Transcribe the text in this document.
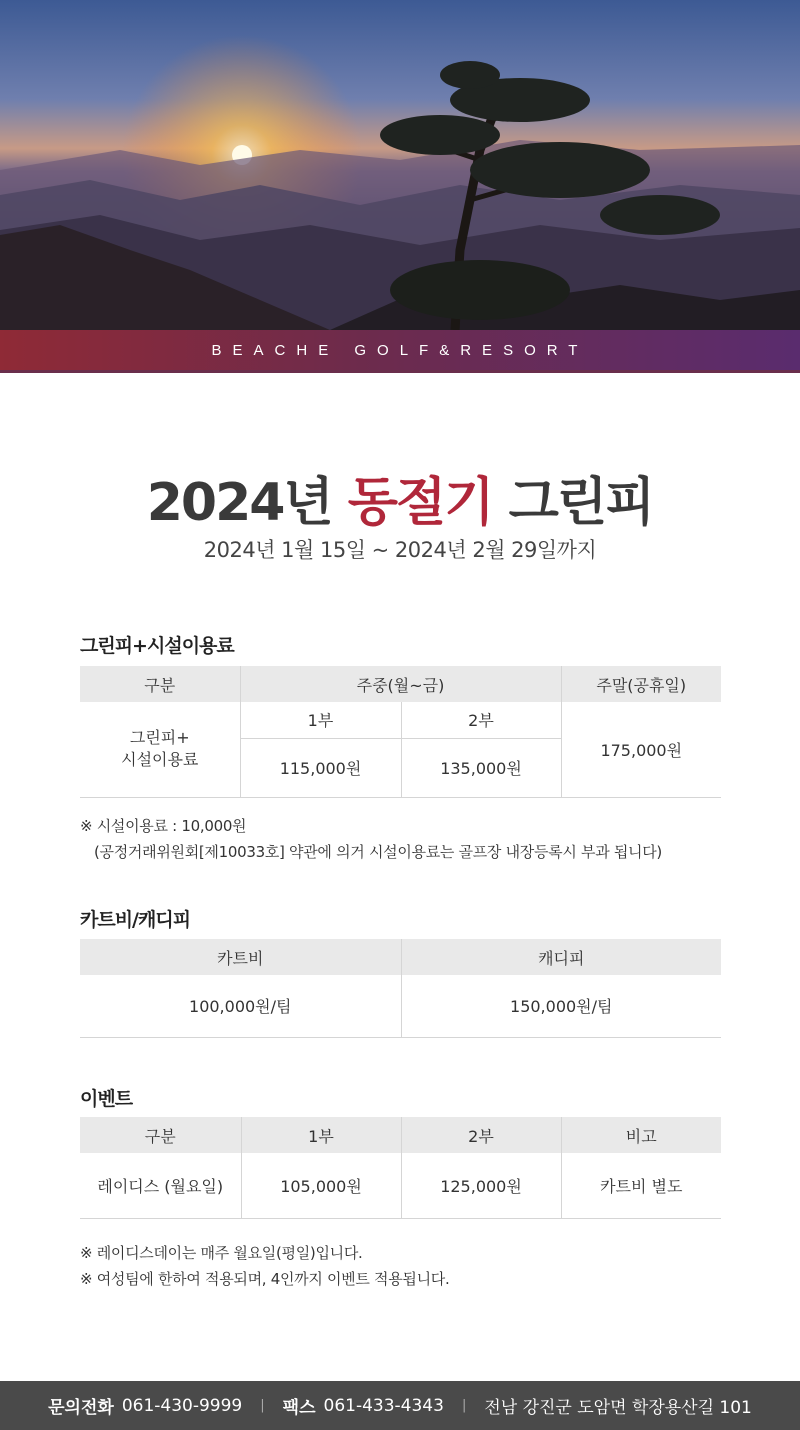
BEACHE GOLF&RESORT
2024년 동절기 그린피
2024년 1월 15일 ~ 2024년 2월 29일까지
그린피+시설이용료
구분	주중(월~금)		주말(공휴일)
그린피+
시설이용료	1부	2부	175,000원
	115,000원	135,000원	
※ 시설이용료 : 10,000원
(공정거래위원회[제10033호] 약관에 의거 시설이용료는 골프장 내장등록시 부과 됩니다)
카트비/캐디피
카트비	캐디피
100,000원/팀	150,000원/팀
이벤트
구분	1부	2부	비고
레이디스 (월요일)	105,000원	125,000원	카트비 별도
※ 레이디스데이는 매주 월요일(평일)입니다.
※ 여성팀에 한하여 적용되며, 4인까지 이벤트 적용됩니다.
문의전화 061-430-9999 | 팩스 061-433-4343 | 전남 강진군 도암면 학장용산길 101
